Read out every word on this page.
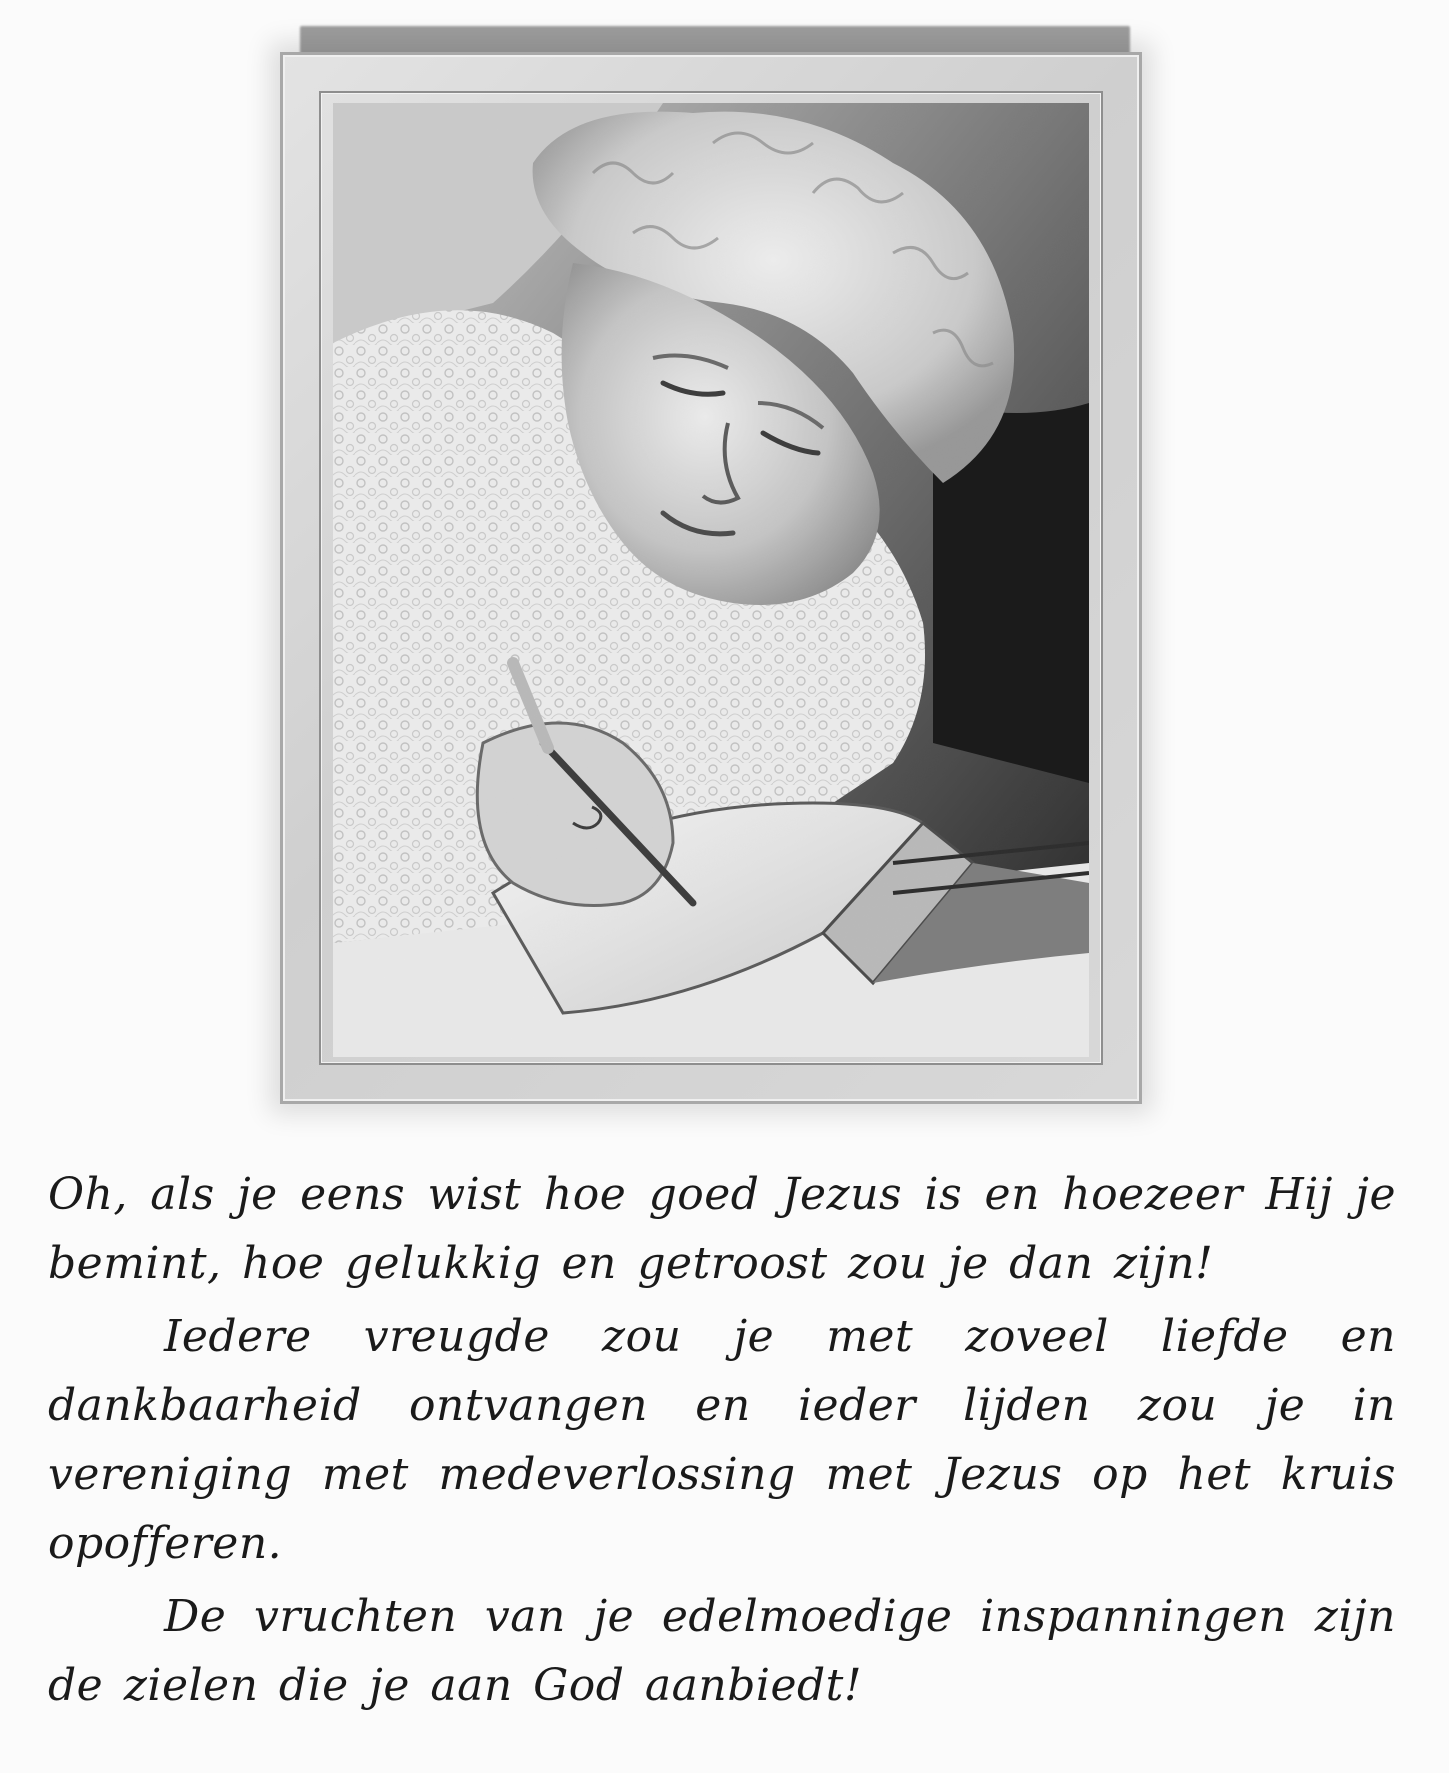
Oh, als je eens wist hoe goed Jezus is en hoezeer Hij je bemint, hoe gelukkig en getroost zou je dan zijn!

Iedere vreugde zou je met zoveel liefde en dankbaarheid ontvangen en ieder lijden zou je in vereniging met medeverlossing met Jezus op het kruis opofferen.

De vruchten van je edelmoedige inspanningen zijn de zielen die je aan God aanbiedt!
